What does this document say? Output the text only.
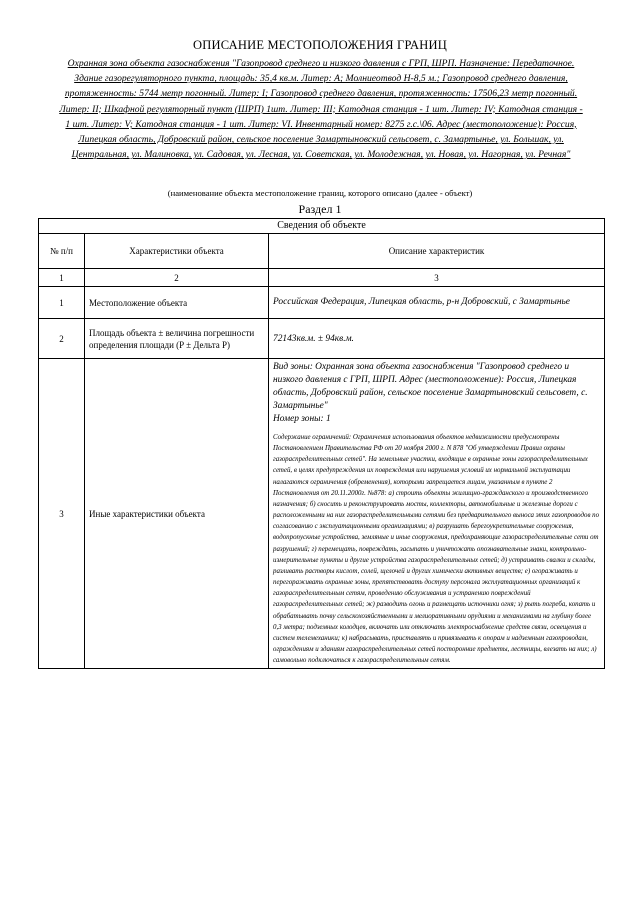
ОПИСАНИЕ МЕСТОПОЛОЖЕНИЯ ГРАНИЦ
Охранная зона объекта газоснабжения "Газопровод среднего и низкого давления с ГРП, ШРП. Назначение: Передаточное. Здание газорегуляторного пункта, площадь: 35,4 кв.м. Литер: А; Молниеотвод Н-8,5 м.; Газопровод среднего давления, протяженность: 5744 метр погонный. Литер: I; Газопровод среднего давления, протяженность: 17506,23 метр погонный. Литер: II; Шкафной регуляторный пункт (ШРП) 1шт. Литер: III; Катодная станция - 1 шт. Литер: IV; Катодная станция - 1 шт. Литер: V; Катодная станция - 1 шт. Литер: VI. Инвентарный номер: 8275 г.с.\06. Адрес (местоположение): Россия, Липецкая область, Добровский район, сельское поселение Замартыновский сельсовет, с. Замартынье, ул. Большак, ул. Центральная, ул. Малиновка, ул. Садовая, ул. Лесная, ул. Советская, ул. Молодежная, ул. Новая, ул. Нагорная, ул. Речная"
(наименование объекта местоположение границ, которого описано (далее - объект)
Раздел 1
Сведения об объекте		
№ п/п	Характеристики объекта	Описание характеристик
1	2	3
1	Местоположение объекта	Российская Федерация, Липецкая область, р-н Добровский, с Замартынье
2	Площадь объекта ± величина погрешности определения площади (P ± Дельта P)	72143кв.м. ± 94кв.м.
3	Иные характеристики объекта	Вид зоны: Охранная зона объекта газоснабжения "Газопровод среднего и низкого давления с ГРП, ШРП. Адрес (местоположение): Россия, Липецкая область, Добровский район, сельское поселение Замартыновский сельсовет, с. Замартынье"
Номер зоны: 1
Содержание ограничений: Ограничения использования объектов недвижимости предусмотрены Постановлением Правительства РФ от 20 ноября 2000 г. N 878 "Об утверждении Правил охраны газораспределительных сетей". На земельные участки, входящие в охранные зоны газораспределительных сетей, в целях предупреждения их повреждения или нарушения условий их нормальной эксплуатации налагаются ограничения (обременения), которыми запрещается лицам, указанным в пункте 2 Постановления от 20.11.2000г. №878: а) строить объекты жилищно-гражданского и производственного назначения; б) сносить и реконструировать мосты, коллекторы, автомобильные и железные дороги с расположенными на них газораспределительными сетями без предварительного выноса этих газопроводов по согласованию с эксплуатационными организациями; в) разрушать берегоукрепительные сооружения, водопропускные устройства, земляные и иные сооружения, предохраняющие газораспределительные сети от разрушений; г) перемещать, повреждать, засыпать и уничтожать опознавательные знаки, контрольно-измерительные пункты и другие устройства газораспределительных сетей; д) устраивать свалки и склады, разливать растворы кислот, солей, щелочей и других химически активных веществ; е) огораживать и перегораживать охранные зоны, препятствовать доступу персонала эксплуатационных организаций к газораспределительным сетям, проведению обслуживания и устранению повреждений газораспределительных сетей; ж) разводить огонь и размещать источники огня; з) рыть погреба, копать и обрабатывать почву сельскохозяйственными и мелиоративными орудиями и механизмами на глубину более 0,3 метра; подземных колодцев, включать или отключать электроснабжение средств связи, освещения и систем телемеханики; к) набрасывать, приставлять и привязывать к опорам и надземным газопроводам, ограждениям и зданиям газораспределительных сетей посторонние предметы, лестницы, влезать на них; л) самовольно подключаться к газораспределительным сетям.
